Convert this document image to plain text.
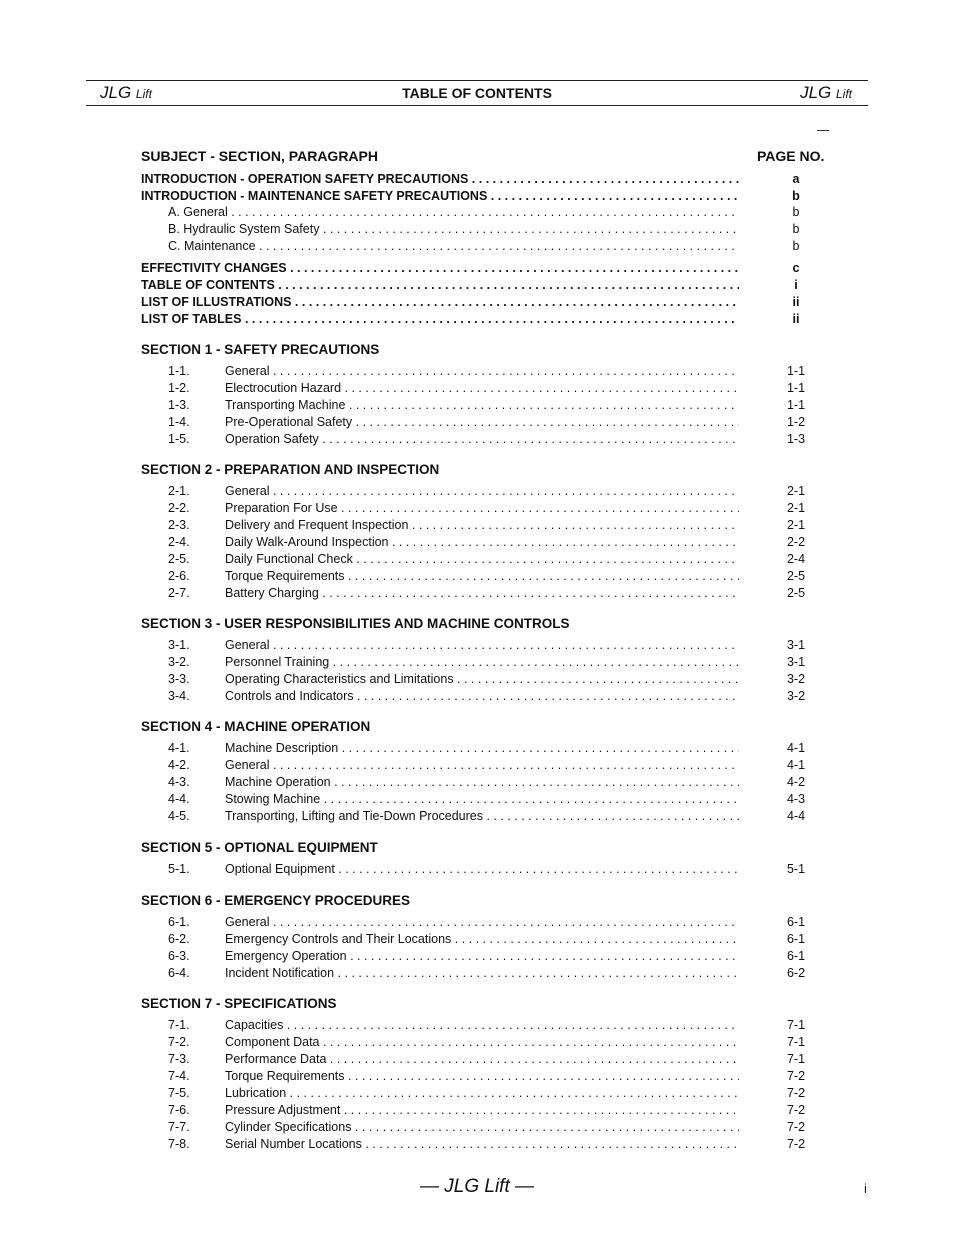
JLG Lift	TABLE OF CONTENTS	JLG Lift
SUBJECT - SECTION, PARAGRAPH	PAGE NO.
INTRODUCTION - OPERATION SAFETY PRECAUTIONS . . .	a
INTRODUCTION - MAINTENANCE SAFETY PRECAUTIONS . . .	b
A. General . . .	b
B. Hydraulic System Safety . . .	b
C. Maintenance . . .	b
EFFECTIVITY CHANGES . . .	c
TABLE OF CONTENTS . . .	i
LIST OF ILLUSTRATIONS . . .	ii
LIST OF TABLES . . .	ii
SECTION 1 - SAFETY PRECAUTIONS
1-1.	General . . .	1-1
1-2.	Electrocution Hazard . . .	1-1
1-3.	Transporting Machine . . .	1-1
1-4.	Pre-Operational Safety . . .	1-2
1-5.	Operation Safety . . .	1-3
SECTION 2 - PREPARATION AND INSPECTION
2-1.	General . . .	2-1
2-2.	Preparation For Use . . .	2-1
2-3.	Delivery and Frequent Inspection . . .	2-1
2-4.	Daily Walk-Around Inspection . . .	2-2
2-5.	Daily Functional Check . . .	2-4
2-6.	Torque Requirements . . .	2-5
2-7.	Battery Charging . . .	2-5
SECTION 3 - USER RESPONSIBILITIES AND MACHINE CONTROLS
3-1.	General . . .	3-1
3-2.	Personnel Training . . .	3-1
3-3.	Operating Characteristics and Limitations . . .	3-2
3-4.	Controls and Indicators . . .	3-2
SECTION 4 - MACHINE OPERATION
4-1.	Machine Description . . .	4-1
4-2.	General . . .	4-1
4-3.	Machine Operation . . .	4-2
4-4.	Stowing Machine . . .	4-3
4-5.	Transporting, Lifting and Tie-Down Procedures . . .	4-4
SECTION 5 - OPTIONAL EQUIPMENT
5-1.	Optional Equipment . . .	5-1
SECTION 6 - EMERGENCY PROCEDURES
6-1.	General . . .	6-1
6-2.	Emergency Controls and Their Locations . . .	6-1
6-3.	Emergency Operation . . .	6-1
6-4.	Incident Notification . . .	6-2
SECTION 7 - SPECIFICATIONS
7-1.	Capacities . . .	7-1
7-2.	Component Data . . .	7-1
7-3.	Performance Data . . .	7-1
7-4.	Torque Requirements . . .	7-2
7-5.	Lubrication . . .	7-2
7-6.	Pressure Adjustment . . .	7-2
7-7.	Cylinder Specifications . . .	7-2
7-8.	Serial Number Locations . . .	7-2
— JLG Lift —	i
